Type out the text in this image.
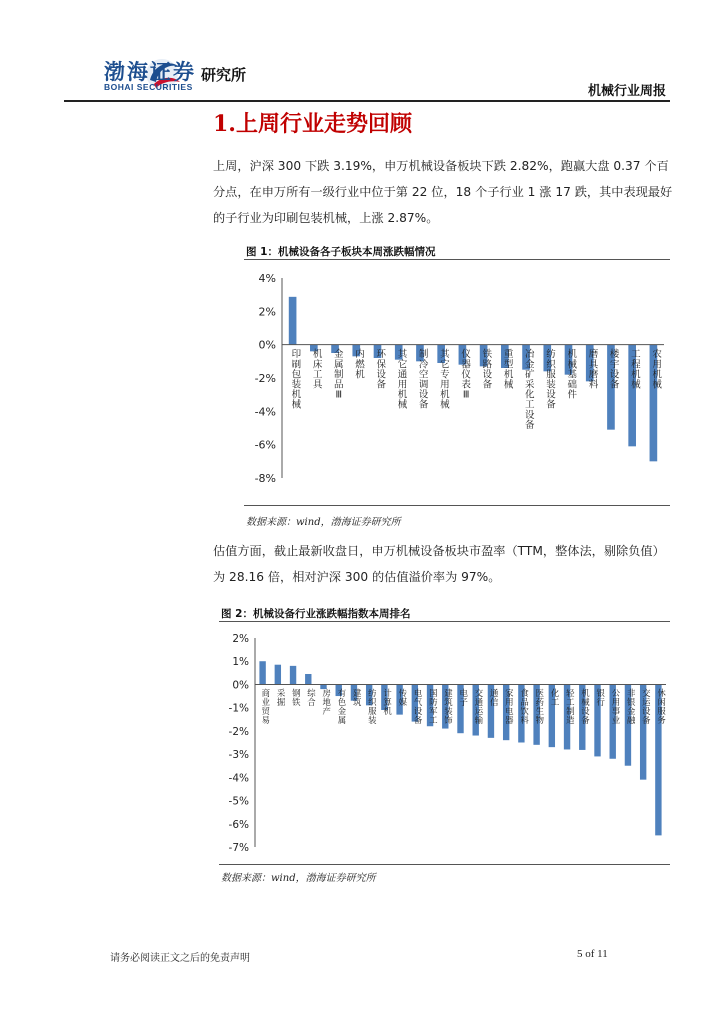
渤海证券
BOHAI SECURITIES
研究所
机械行业周报
1.上周行业走势回顾
上周，沪深 300 下跌 3.19%，申万机械设备板块下跌 2.82%，跑赢大盘 0.37 个百分点，在申万所有一级行业中位于第 22 位，18 个子行业 1 涨 17 跌，其中表现最好的子行业为印刷包装机械，上涨 2.87%。
图 1：机械设备各子板块本周涨跌幅情况
-8%
-6%
-4%
-2%
0%
2%
4%
印刷包装机械
机床工具
金属制品 Ⅲ
内燃机
环保设备
其它通用机械
制冷空调设备
其它专用机械
仪器仪表 Ⅲ
铁路设备
重型机械
冶金矿采化工设备
纺织服装设备
机械基础件
磨具磨料
楼宇设备
工程机械
农用机械
数据来源：wind，渤海证券研究所
估值方面，截止最新收盘日，申万机械设备板块市盈率（TTM，整体法，剔除负值）为 28.16 倍，相对沪深 300 的估值溢价率为 97%。
图 2：机械设备行业涨跌幅指数本周排名
-7%
-6%
-5%
-4%
-3%
-2%
-1%
0%
1%
2%
商业贸易
采掘
钢铁
综合
房地产
有色金属
建筑
纺织服装
计算机
传媒
电气设备
国防军工
建筑装饰
电子
交通运输
通信
家用电器
食品饮料
医药生物
化工
轻工制造
机械设备
银行
公用事业
非银金融
交运设备
休闲服务
数据来源：wind，渤海证券研究所
请务必阅读正文之后的免责声明	5 of 11
